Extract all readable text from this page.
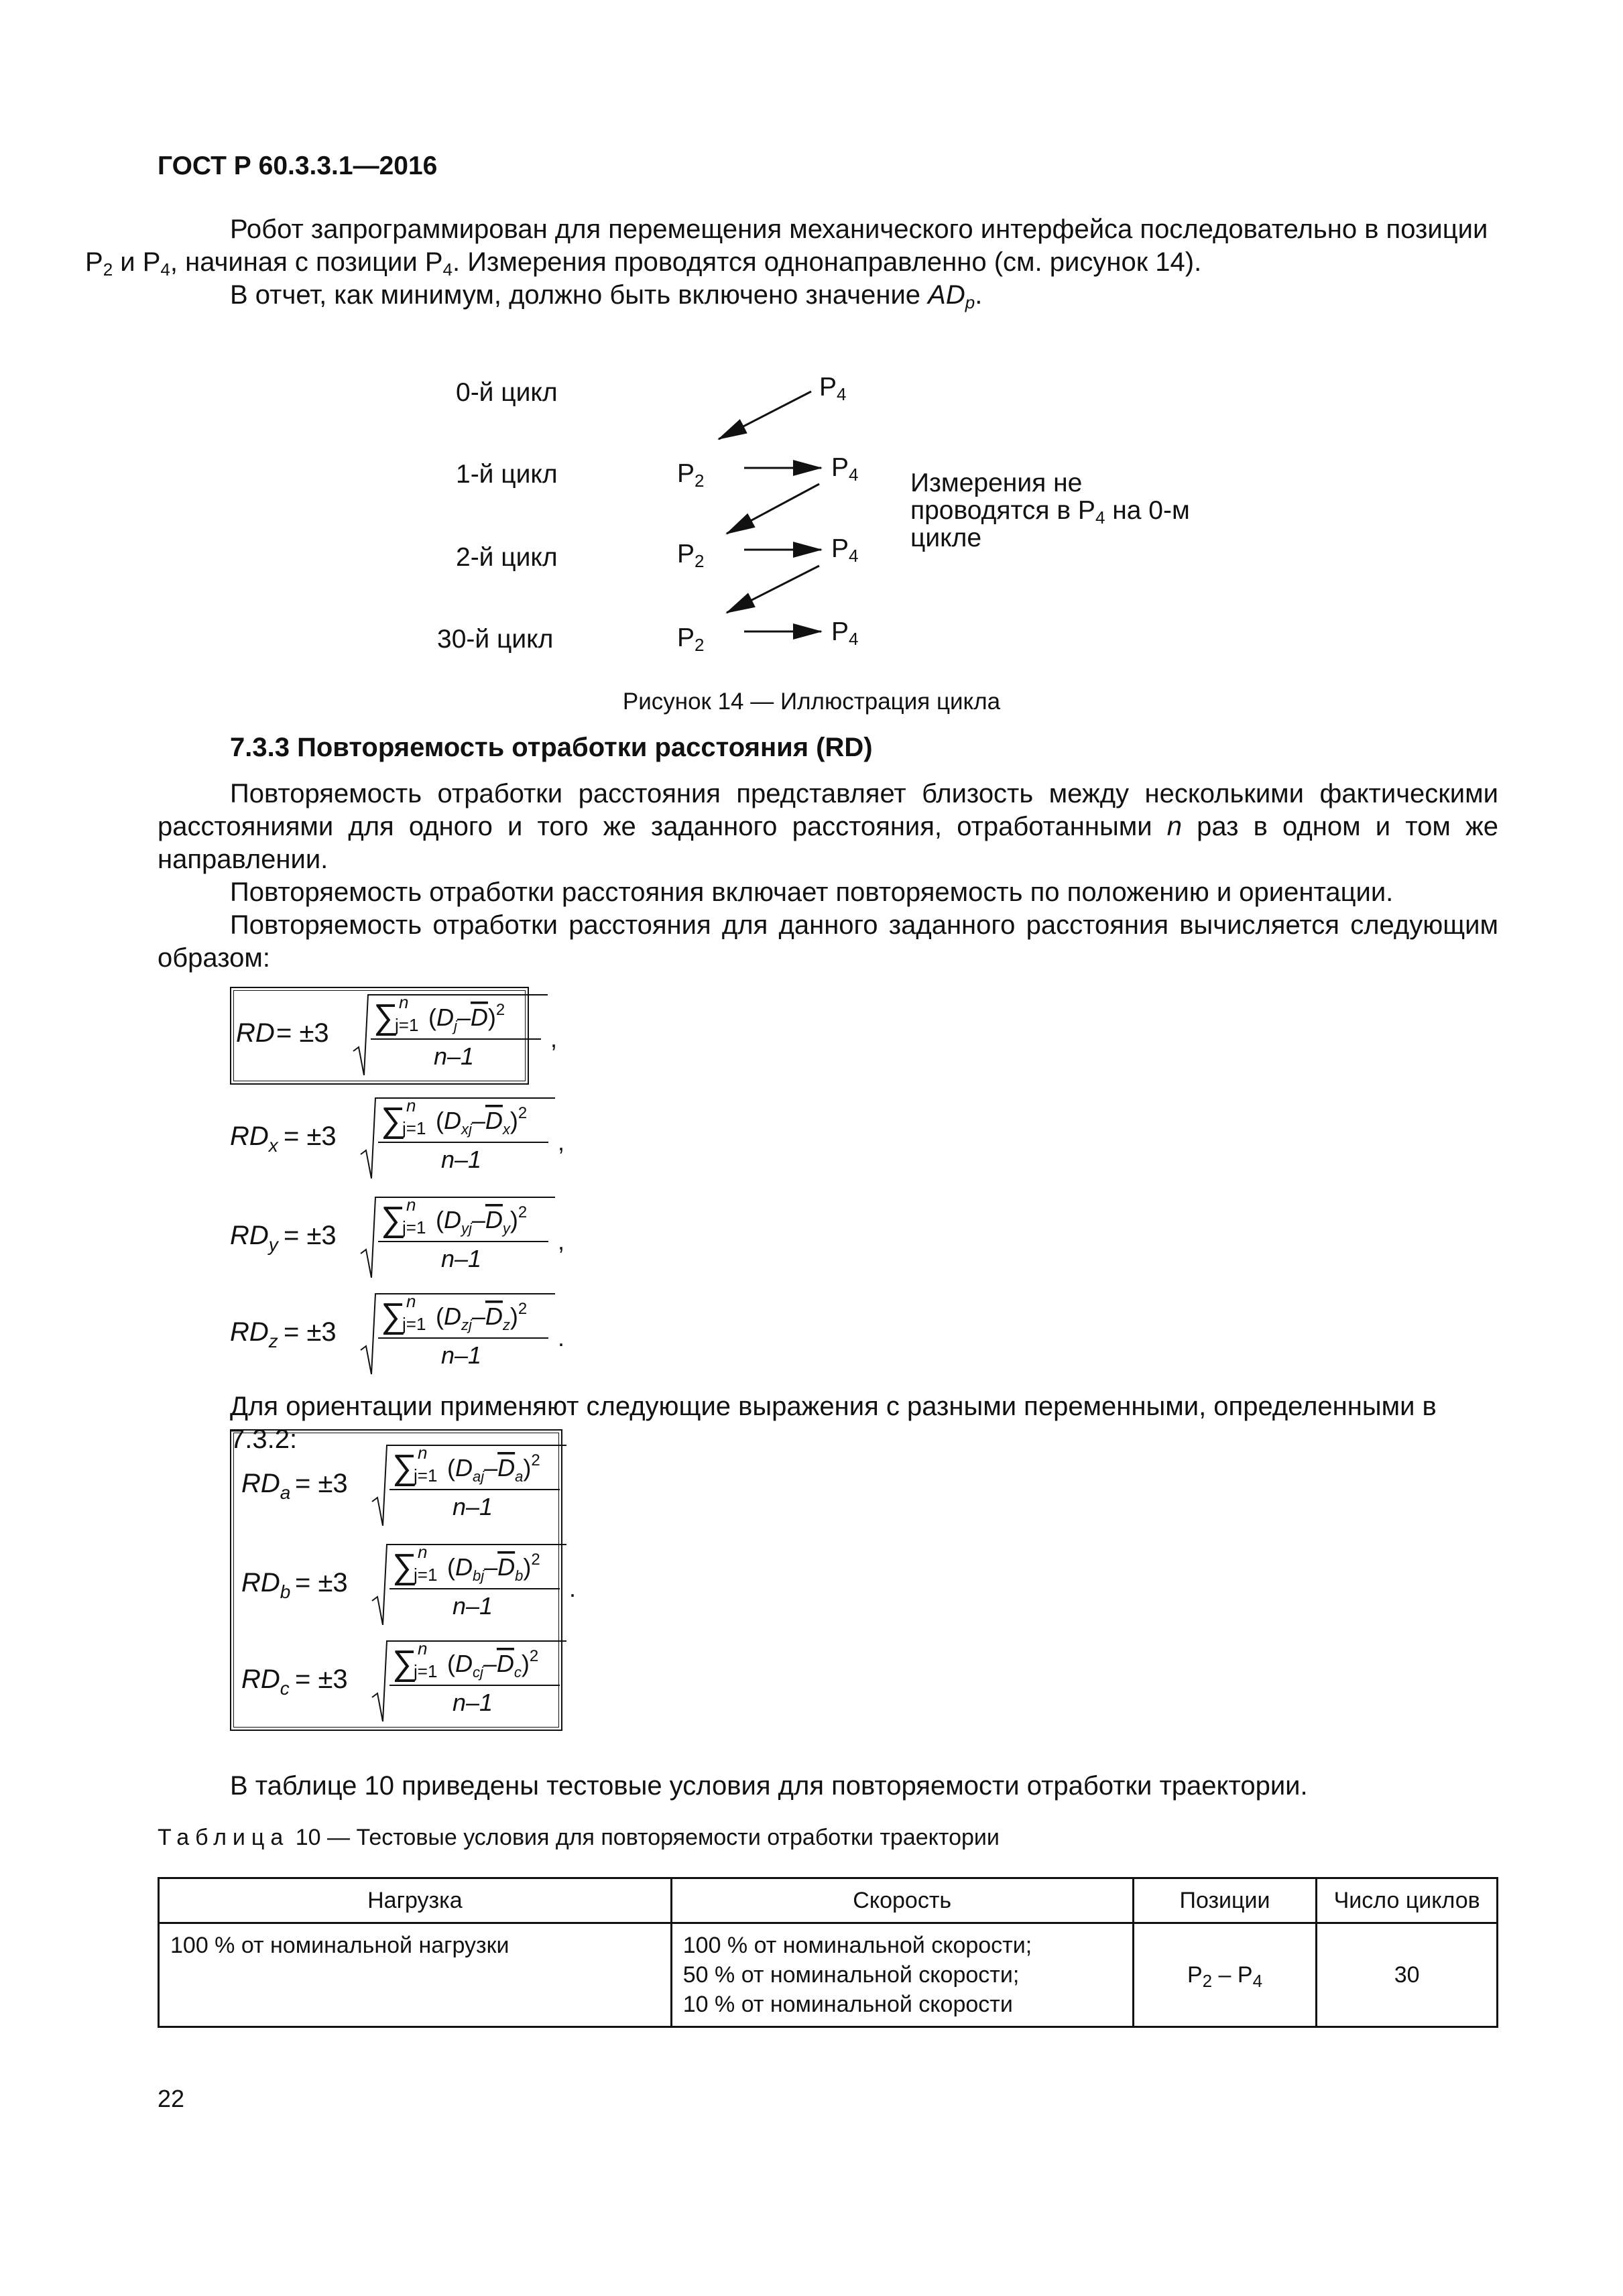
ГОСТ Р 60.3.3.1—2016
Робот запрограммирован для перемещения механического интерфейса последовательно в позиции
$P_2$ и $P_4$, начиная с позиции $P_4$. Измерения проводятся однонаправленно (см. рисунок 14).
В отчет, как минимум, должно быть включено значение $AD_p$.
0-й цикл
1-й цикл
2-й цикл
30-й цикл
$P_4$
$P_2$	$P_4$
$P_2$	$P_4$
$P_2$	$P_4$
Измерения не
проводятся в $P_4$ на 0-м
цикле
Рисунок 14 — Иллюстрация цикла
7.3.3 Повторяемость отработки расстояния (RD)
Повторяемость отработки расстояния представляет близость между несколькими фактическими расстояниями для одного и того же заданного расстояния, отработанными n раз в одном и том же направлении.
Повторяемость отработки расстояния включает повторяемость по положению и ориентации.
Повторяемость отработки расстояния для данного заданного расстояния вычисляется следующим образом:
RD = ±3 ∑ n
j=1 $(D_j-D)^2$
n–1
,
$RD_x = \pm 3$ ∑ n
j=1 $(D_{xj}-D_x)^2$
n–1
,
$RD_y = \pm 3$ ∑ n
j=1 $(D_{yj}-D_y)^2$
n–1
,
$RD_z = \pm 3$ ∑ n
j=1 $(D_{zj}-D_z)^2$
n–1
.
Для ориентации применяют следующие выражения с разными переменными, определенными в 7.3.2:
$RD_a = \pm 3$ ∑ n
j=1 $(D_{aj}-D_a)^2$
n–1
$RD_b = \pm 3$ ∑ n
j=1 $(D_{bj}-D_b)^2$
n–1
.
$RD_c = \pm 3$ ∑ n
j=1 $(D_{cj}-D_c)^2$
n–1
В таблице 10 приведены тестовые условия для повторяемости отработки траектории.
Таблица 10 — Тестовые условия для повторяемости отработки траектории
Нагрузка	Скорость	Позиции	Число циклов
100 % от номинальной нагрузки	100 % от номинальной скорости;
50 % от номинальной скорости;
10 % от номинальной скорости	$P_2 - P_4$	30
22
